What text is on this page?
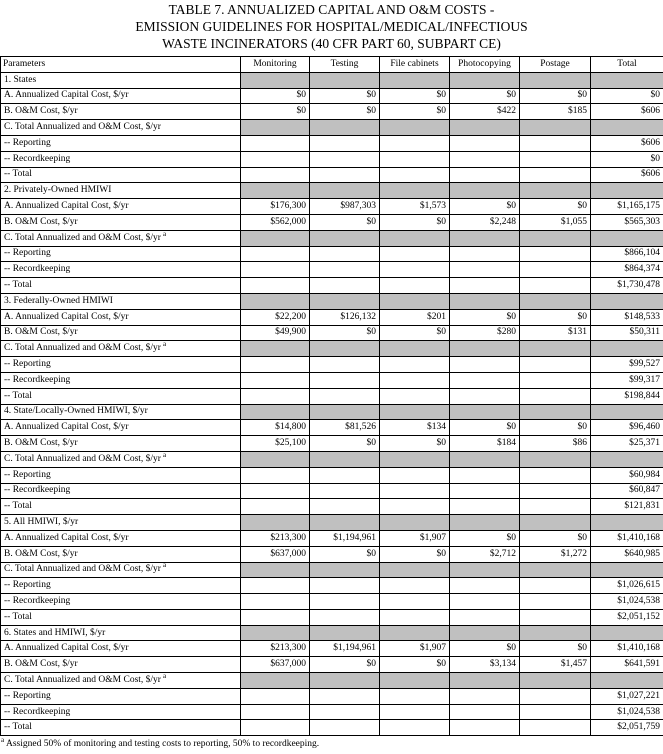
TABLE 7. ANNUALIZED CAPITAL AND O&M COSTS -
EMISSION GUIDELINES FOR HOSPITAL/MEDICAL/INFECTIOUS
WASTE INCINERATORS (40 CFR PART 60, SUBPART CE)
Parameters	Monitoring	Testing	File cabinets	Photocopying	Postage	Total
1. States						
A. Annualized Capital Cost, $/yr	$0	$0	$0	$0	$0	$0
B. O&M Cost, $/yr	$0	$0	$0	$422	$185	$606
C. Total Annualized and O&M Cost, $/yr						
-- Reporting						$606
-- Recordkeeping						$0
-- Total						$606
2. Privately-Owned HMIWI						
A. Annualized Capital Cost, $/yr	$176,300	$987,303	$1,573	$0	$0	$1,165,175
B. O&M Cost, $/yr	$562,000	$0	$0	$2,248	$1,055	$565,303
C. Total Annualized and O&M Cost, $/yr $^a$						
-- Reporting						$866,104
-- Recordkeeping						$864,374
-- Total						$1,730,478
3. Federally-Owned HMIWI						
A. Annualized Capital Cost, $/yr	$22,200	$126,132	$201	$0	$0	$148,533
B. O&M Cost, $/yr	$49,900	$0	$0	$280	$131	$50,311
C. Total Annualized and O&M Cost, $/yr $^a$						
-- Reporting						$99,527
-- Recordkeeping						$99,317
-- Total						$198,844
4. State/Locally-Owned HMIWI, $/yr						
A. Annualized Capital Cost, $/yr	$14,800	$81,526	$134	$0	$0	$96,460
B. O&M Cost, $/yr	$25,100	$0	$0	$184	$86	$25,371
C. Total Annualized and O&M Cost, $/yr $^a$						
-- Reporting						$60,984
-- Recordkeeping						$60,847
-- Total						$121,831
5. All HMIWI, $/yr						
A. Annualized Capital Cost, $/yr	$213,300	$1,194,961	$1,907	$0	$0	$1,410,168
B. O&M Cost, $/yr	$637,000	$0	$0	$2,712	$1,272	$640,985
C. Total Annualized and O&M Cost, $/yr $^a$						
-- Reporting						$1,026,615
-- Recordkeeping						$1,024,538
-- Total						$2,051,152
6. States and HMIWI, $/yr						
A. Annualized Capital Cost, $/yr	$213,300	$1,194,961	$1,907	$0	$0	$1,410,168
B. O&M Cost, $/yr	$637,000	$0	$0	$3,134	$1,457	$641,591
C. Total Annualized and O&M Cost, $/yr $^a$						
-- Reporting						$1,027,221
-- Recordkeeping						$1,024,538
-- Total						$2,051,759
$^a$ Assigned 50% of monitoring and testing costs to reporting, 50% to recordkeeping.
